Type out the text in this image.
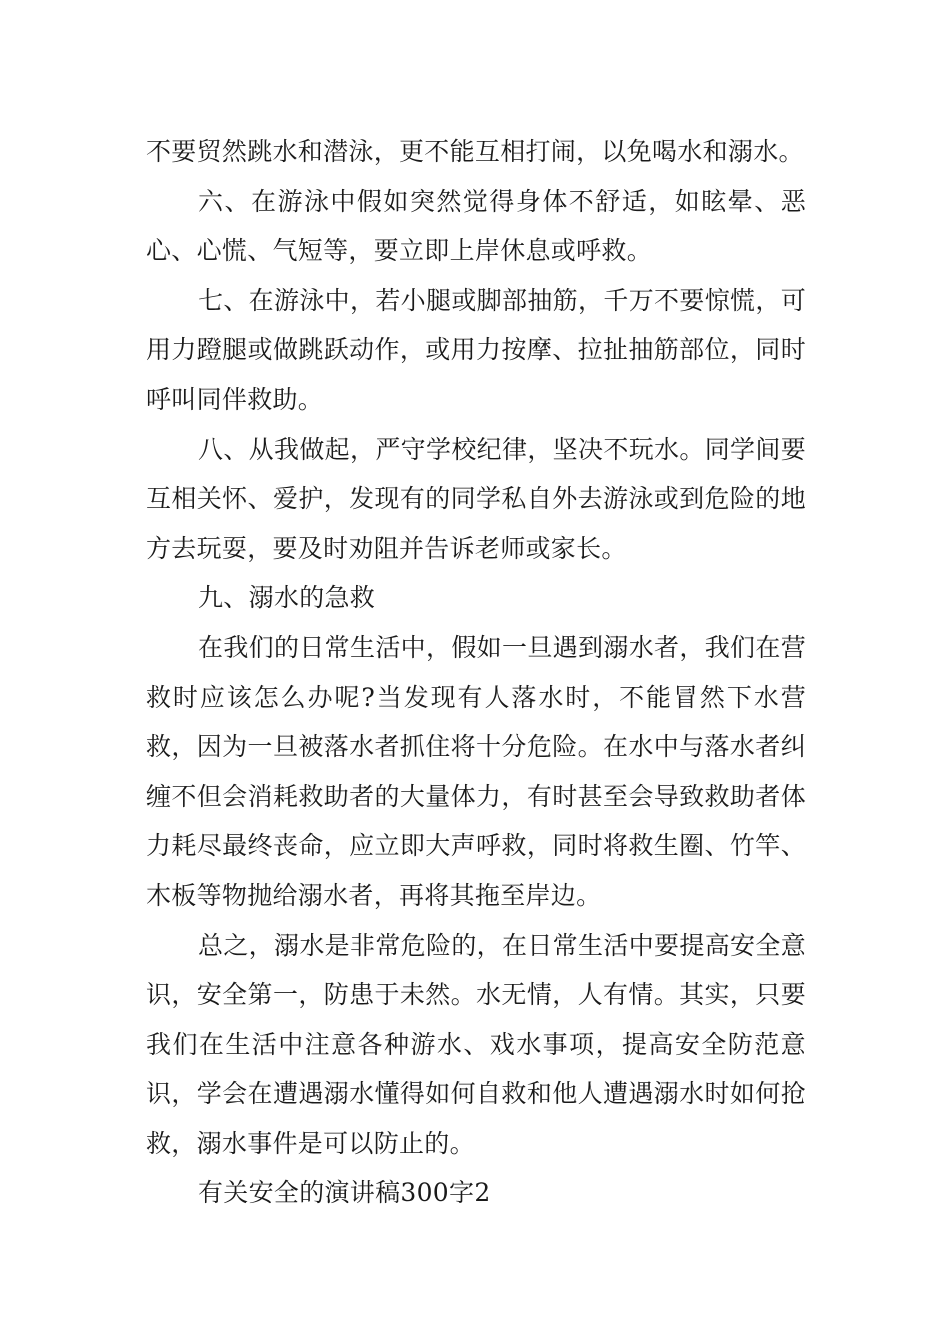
不要贸然跳水和潜泳，更不能互相打闹，以免喝水和溺水。

六、在游泳中假如突然觉得身体不舒适，如眩晕、恶心、心慌、气短等，要立即上岸休息或呼救。

七、在游泳中，若小腿或脚部抽筋，千万不要惊慌，可用力蹬腿或做跳跃动作，或用力按摩、拉扯抽筋部位，同时呼叫同伴救助。

八、从我做起，严守学校纪律，坚决不玩水。同学间要互相关怀、爱护，发现有的同学私自外去游泳或到危险的地方去玩耍，要及时劝阻并告诉老师或家长。

九、溺水的急救

在我们的日常生活中，假如一旦遇到溺水者，我们在营救时应该怎么办呢?当发现有人落水时，不能冒然下水营救，因为一旦被落水者抓住将十分危险。在水中与落水者纠缠不但会消耗救助者的大量体力，有时甚至会导致救助者体力耗尽最终丧命，应立即大声呼救，同时将救生圈、竹竿、木板等物抛给溺水者，再将其拖至岸边。

总之，溺水是非常危险的，在日常生活中要提高安全意识，安全第一，防患于未然。水无情，人有情。其实，只要我们在生活中注意各种游水、戏水事项，提高安全防范意识，学会在遭遇溺水懂得如何自救和他人遭遇溺水时如何抢救，溺水事件是可以防止的。

有关安全的演讲稿300字2
